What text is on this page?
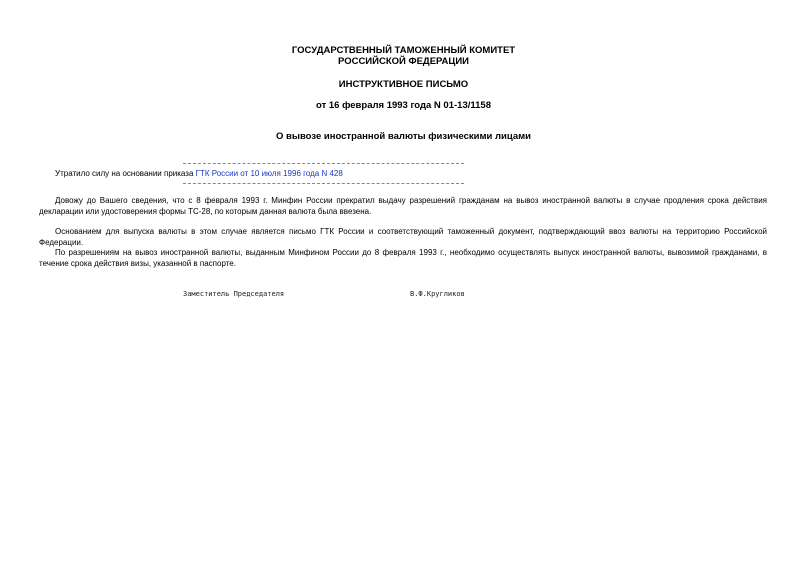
ГОСУДАРСТВЕННЫЙ ТАМОЖЕННЫЙ КОМИТЕТ
РОССИЙСКОЙ ФЕДЕРАЦИИ
ИНСТРУКТИВНОЕ ПИСЬМО
от 16 февраля 1993 года N 01-13/1158
О вывозе иностранной валюты физическими лицами
Утратило силу на основании приказа ГТК России от 10 июля 1996 года N 428

Довожу до Вашего сведения, что с 8 февраля 1993 г. Минфин России прекратил выдачу разрешений гражданам на вывоз иностранной валюты в случае продления срока действия декларации или удостоверения формы ТС-28, по которым данная валюта была ввезена.

Основанием для выпуска валюты в этом случае является письмо ГТК России и соответствующий таможенный документ, подтверждающий ввоз валюты на территорию Российской Федерации.

По разрешениям на вывоз иностранной валюты, выданным Минфином России до 8 февраля 1993 г., необходимо осуществлять выпуск иностранной валюты, вывозимой гражданами, в течение срока действия визы, указанной в паспорте.

Заместитель Председателя	В.Ф.Кругликов
